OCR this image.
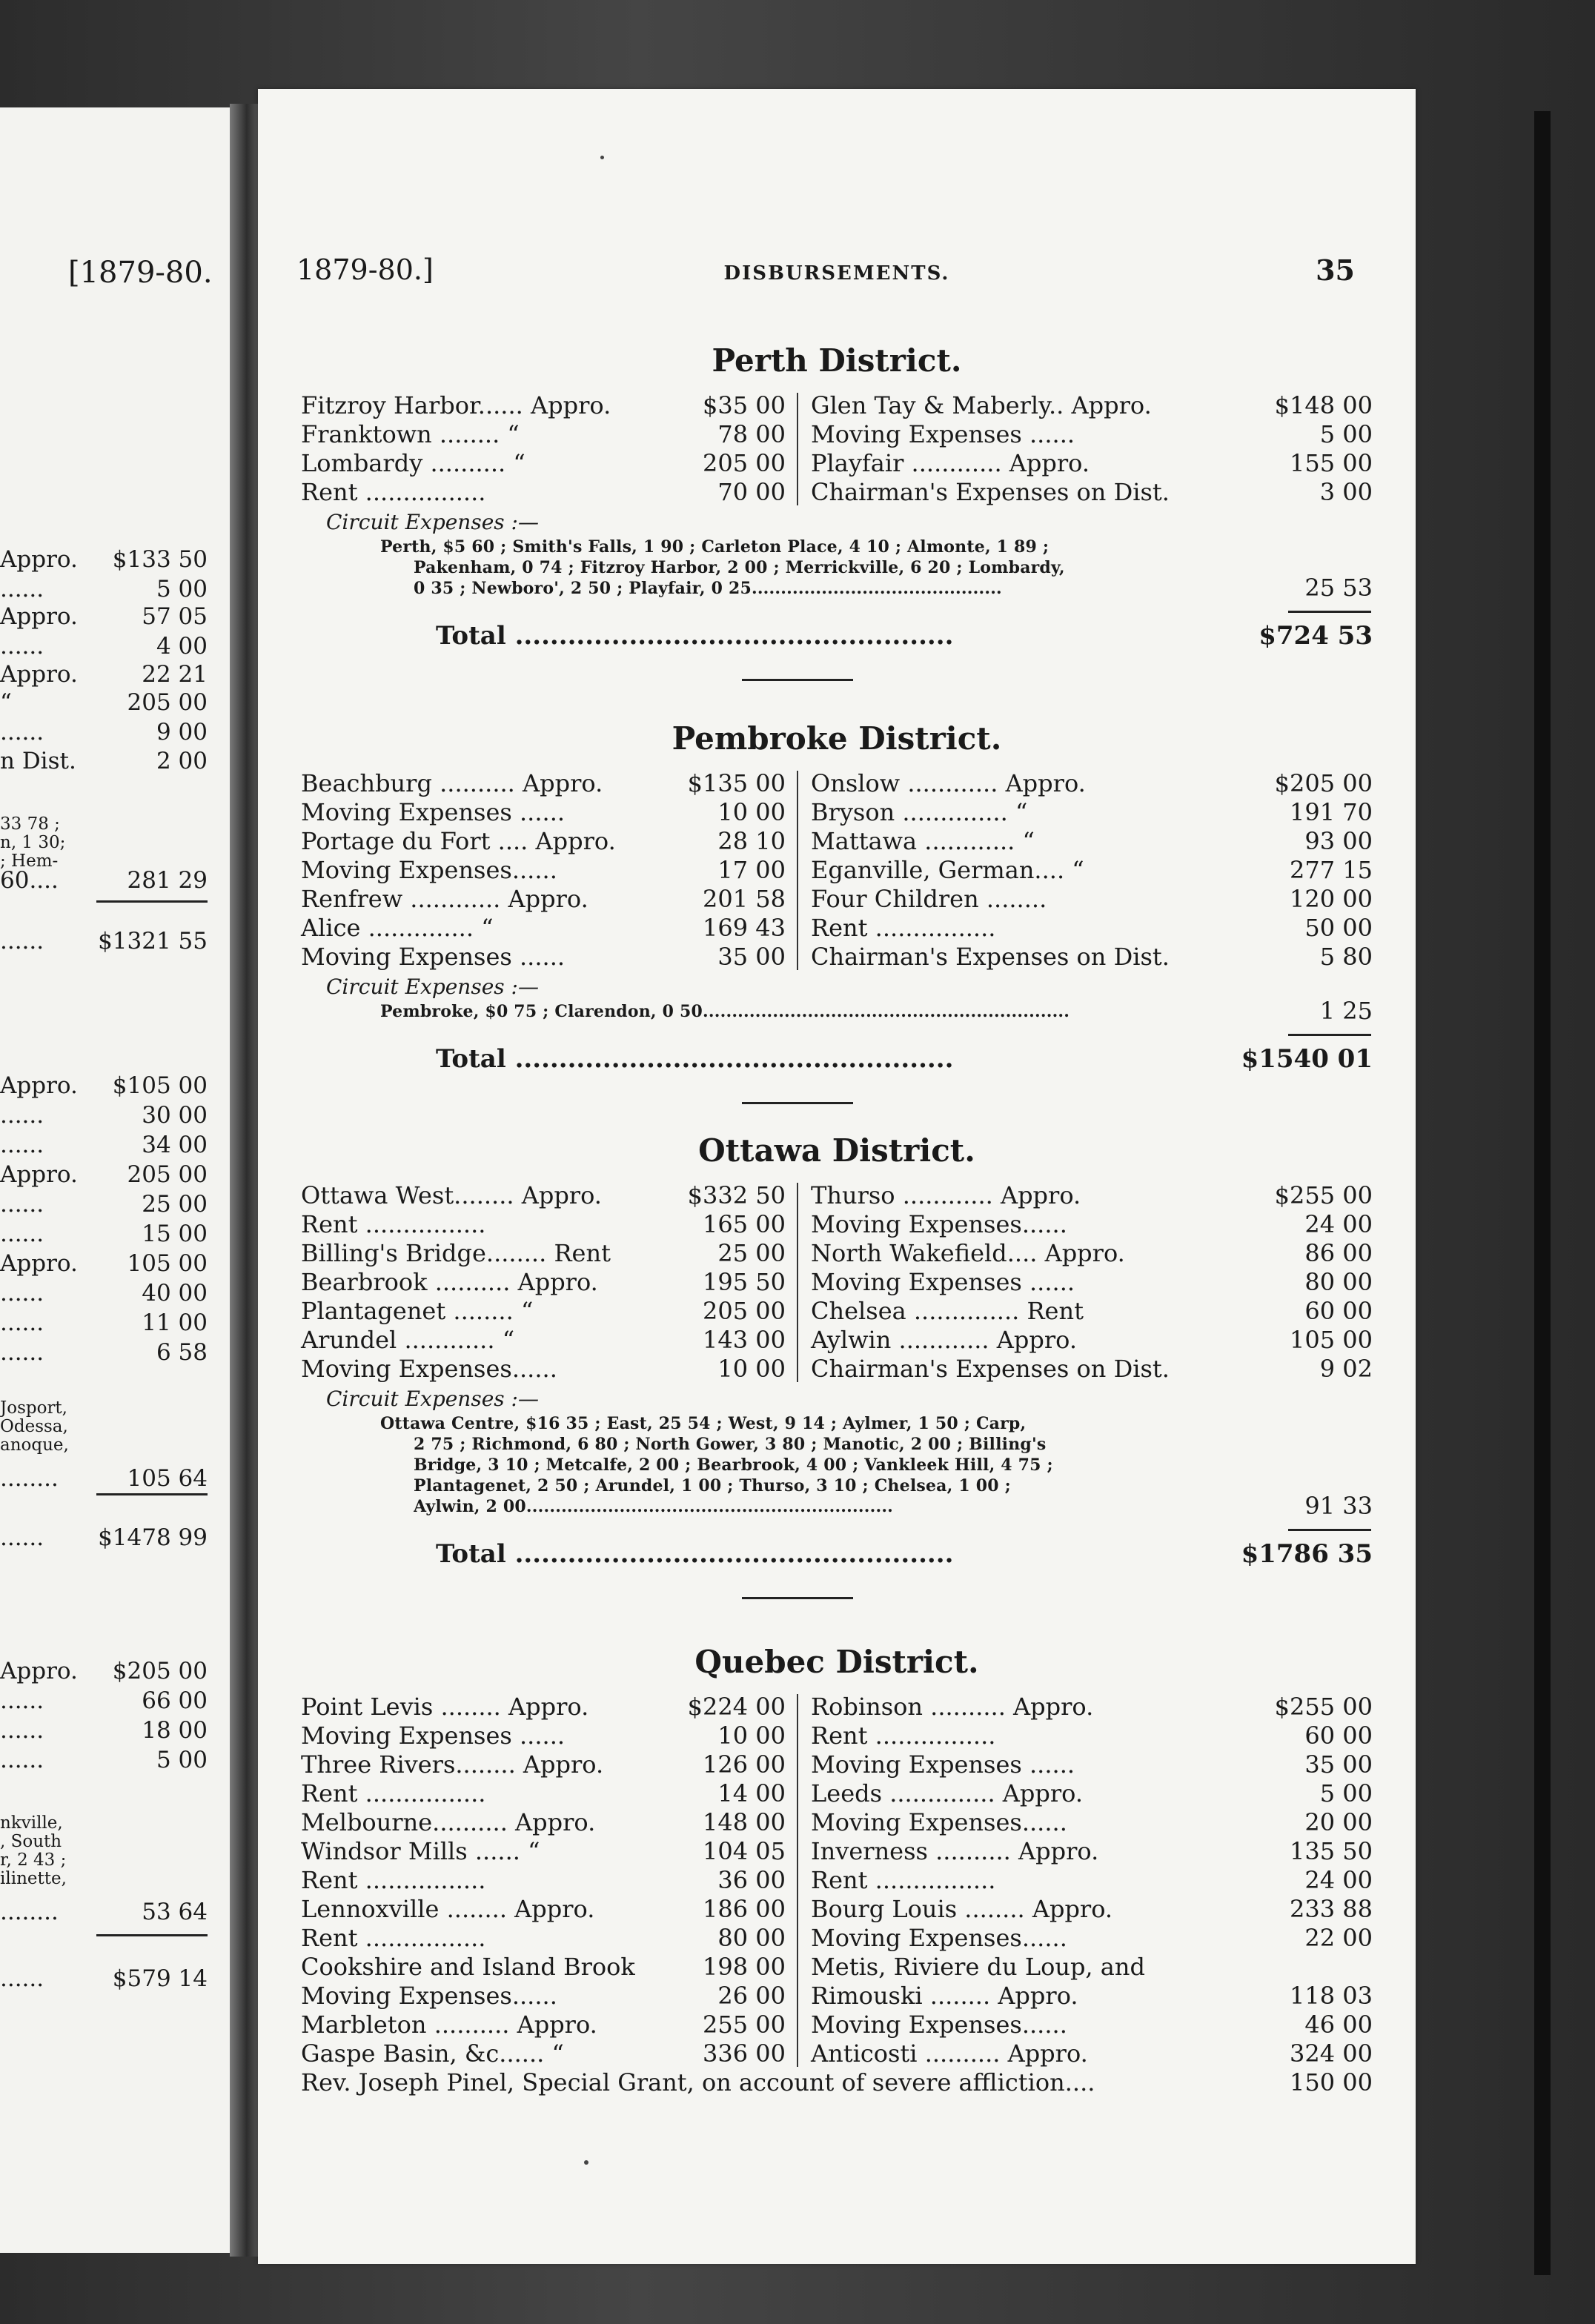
[1879-80.
Appro. $133 50
......	5 00
Appro.	57 05
......	4 00
Appro.	22 21
“	205 00
......	9 00
n Dist.	2 00
33 78 ;
n, 1 30;
; Hem-
60....	281 29
...... $1321 55
Appro. $105 00
......	30 00
......	34 00
Appro. 205 00
......	25 00
......	15 00
Appro. 105 00
......	40 00
......	11 00
......	6 58
Josport,
Odessa,
anoque,
........	105 64
...... $1478 99
Appro. $205 00
......	66 00
......	18 00
......	5 00
nkville,
, South
r, 2 43 ;
ilinette,
........	53 64
......	$579 14
1879-80.]	DISBURSEMENTS.	35
Perth District.
Fitzroy Harbor...... Appro.	$35 00
Franktown ........ “	78 00
Lombardy .......... “	205 00
Rent ................	70 00
Glen Tay & Maberly.. Appro.	$148 00
Moving Expenses ......	5 00
Playfair ............ Appro.	155 00
Chairman's Expenses on Dist.	3 00
Circuit Expenses :—
Perth, $5 60 ; Smith's Falls, 1 90 ; Carleton Place, 4 10 ; Almonte, 1 89 ;
Pakenham, 0 74 ; Fitzroy Harbor, 2 00 ; Merrickville, 6 20 ; Lombardy,
0 35 ; Newboro', 2 50 ; Playfair, 0 25...........................................	25 53
Total ..................................................	$724 53
Pembroke District.
Beachburg .......... Appro.	$135 00
Moving Expenses ......	10 00
Portage du Fort .... Appro.	28 10
Moving Expenses......	17 00
Renfrew ............ Appro.	201 58
Alice .............. “	169 43
Moving Expenses ......	35 00
Onslow ............ Appro.	$205 00
Bryson .............. “	191 70
Mattawa ............ “	93 00
Eganville, German.... “	277 15
Four Children ........	120 00
Rent ................	50 00
Chairman's Expenses on Dist.	5 80
Circuit Expenses :—
Pembroke, $0 75 ; Clarendon, 0 50...............................................................	1 25
Total ..................................................	$1540 01
Ottawa District.
Ottawa West........ Appro.	$332 50
Rent ................	165 00
Billing's Bridge........ Rent	25 00
Bearbrook .......... Appro.	195 50
Plantagenet ........ “	205 00
Arundel ............ “	143 00
Moving Expenses......	10 00
Thurso ............ Appro.	$255 00
Moving Expenses......	24 00
North Wakefield.... Appro.	86 00
Moving Expenses ......	80 00
Chelsea .............. Rent	60 00
Aylwin ............ Appro.	105 00
Chairman's Expenses on Dist.	9 02
Circuit Expenses :—
Ottawa Centre, $16 35 ; East, 25 54 ; West, 9 14 ; Aylmer, 1 50 ; Carp,
2 75 ; Richmond, 6 80 ; North Gower, 3 80 ; Manotic, 2 00 ; Billing's
Bridge, 3 10 ; Metcalfe, 2 00 ; Bearbrook, 4 00 ; Vankleek Hill, 4 75 ;
Plantagenet, 2 50 ; Arundel, 1 00 ; Thurso, 3 10 ; Chelsea, 1 00 ;
Aylwin, 2 00...............................................................	91 33
Total ..................................................	$1786 35
Quebec District.
Point Levis ........ Appro.	$224 00
Moving Expenses ......	10 00
Three Rivers........ Appro.	126 00
Rent ................	14 00
Melbourne.......... Appro.	148 00
Windsor Mills ...... “	104 05
Rent ................	36 00
Lennoxville ........ Appro.	186 00
Rent ................	80 00
Cookshire and Island Brook	198 00
Moving Expenses......	26 00
Marbleton .......... Appro.	255 00
Gaspe Basin, &c...... “	336 00
Robinson .......... Appro.	$255 00
Rent ................	60 00
Moving Expenses ......	35 00
Leeds .............. Appro.	5 00
Moving Expenses......	20 00
Inverness .......... Appro.	135 50
Rent ................	24 00
Bourg Louis ........ Appro.	233 88
Moving Expenses......	22 00
Metis, Riviere du Loup, and
Rimouski ........ Appro.	118 03
Moving Expenses......	46 00
Anticosti .......... Appro.	324 00
Rev. Joseph Pinel, Special Grant, on account of severe affliction....	150 00
